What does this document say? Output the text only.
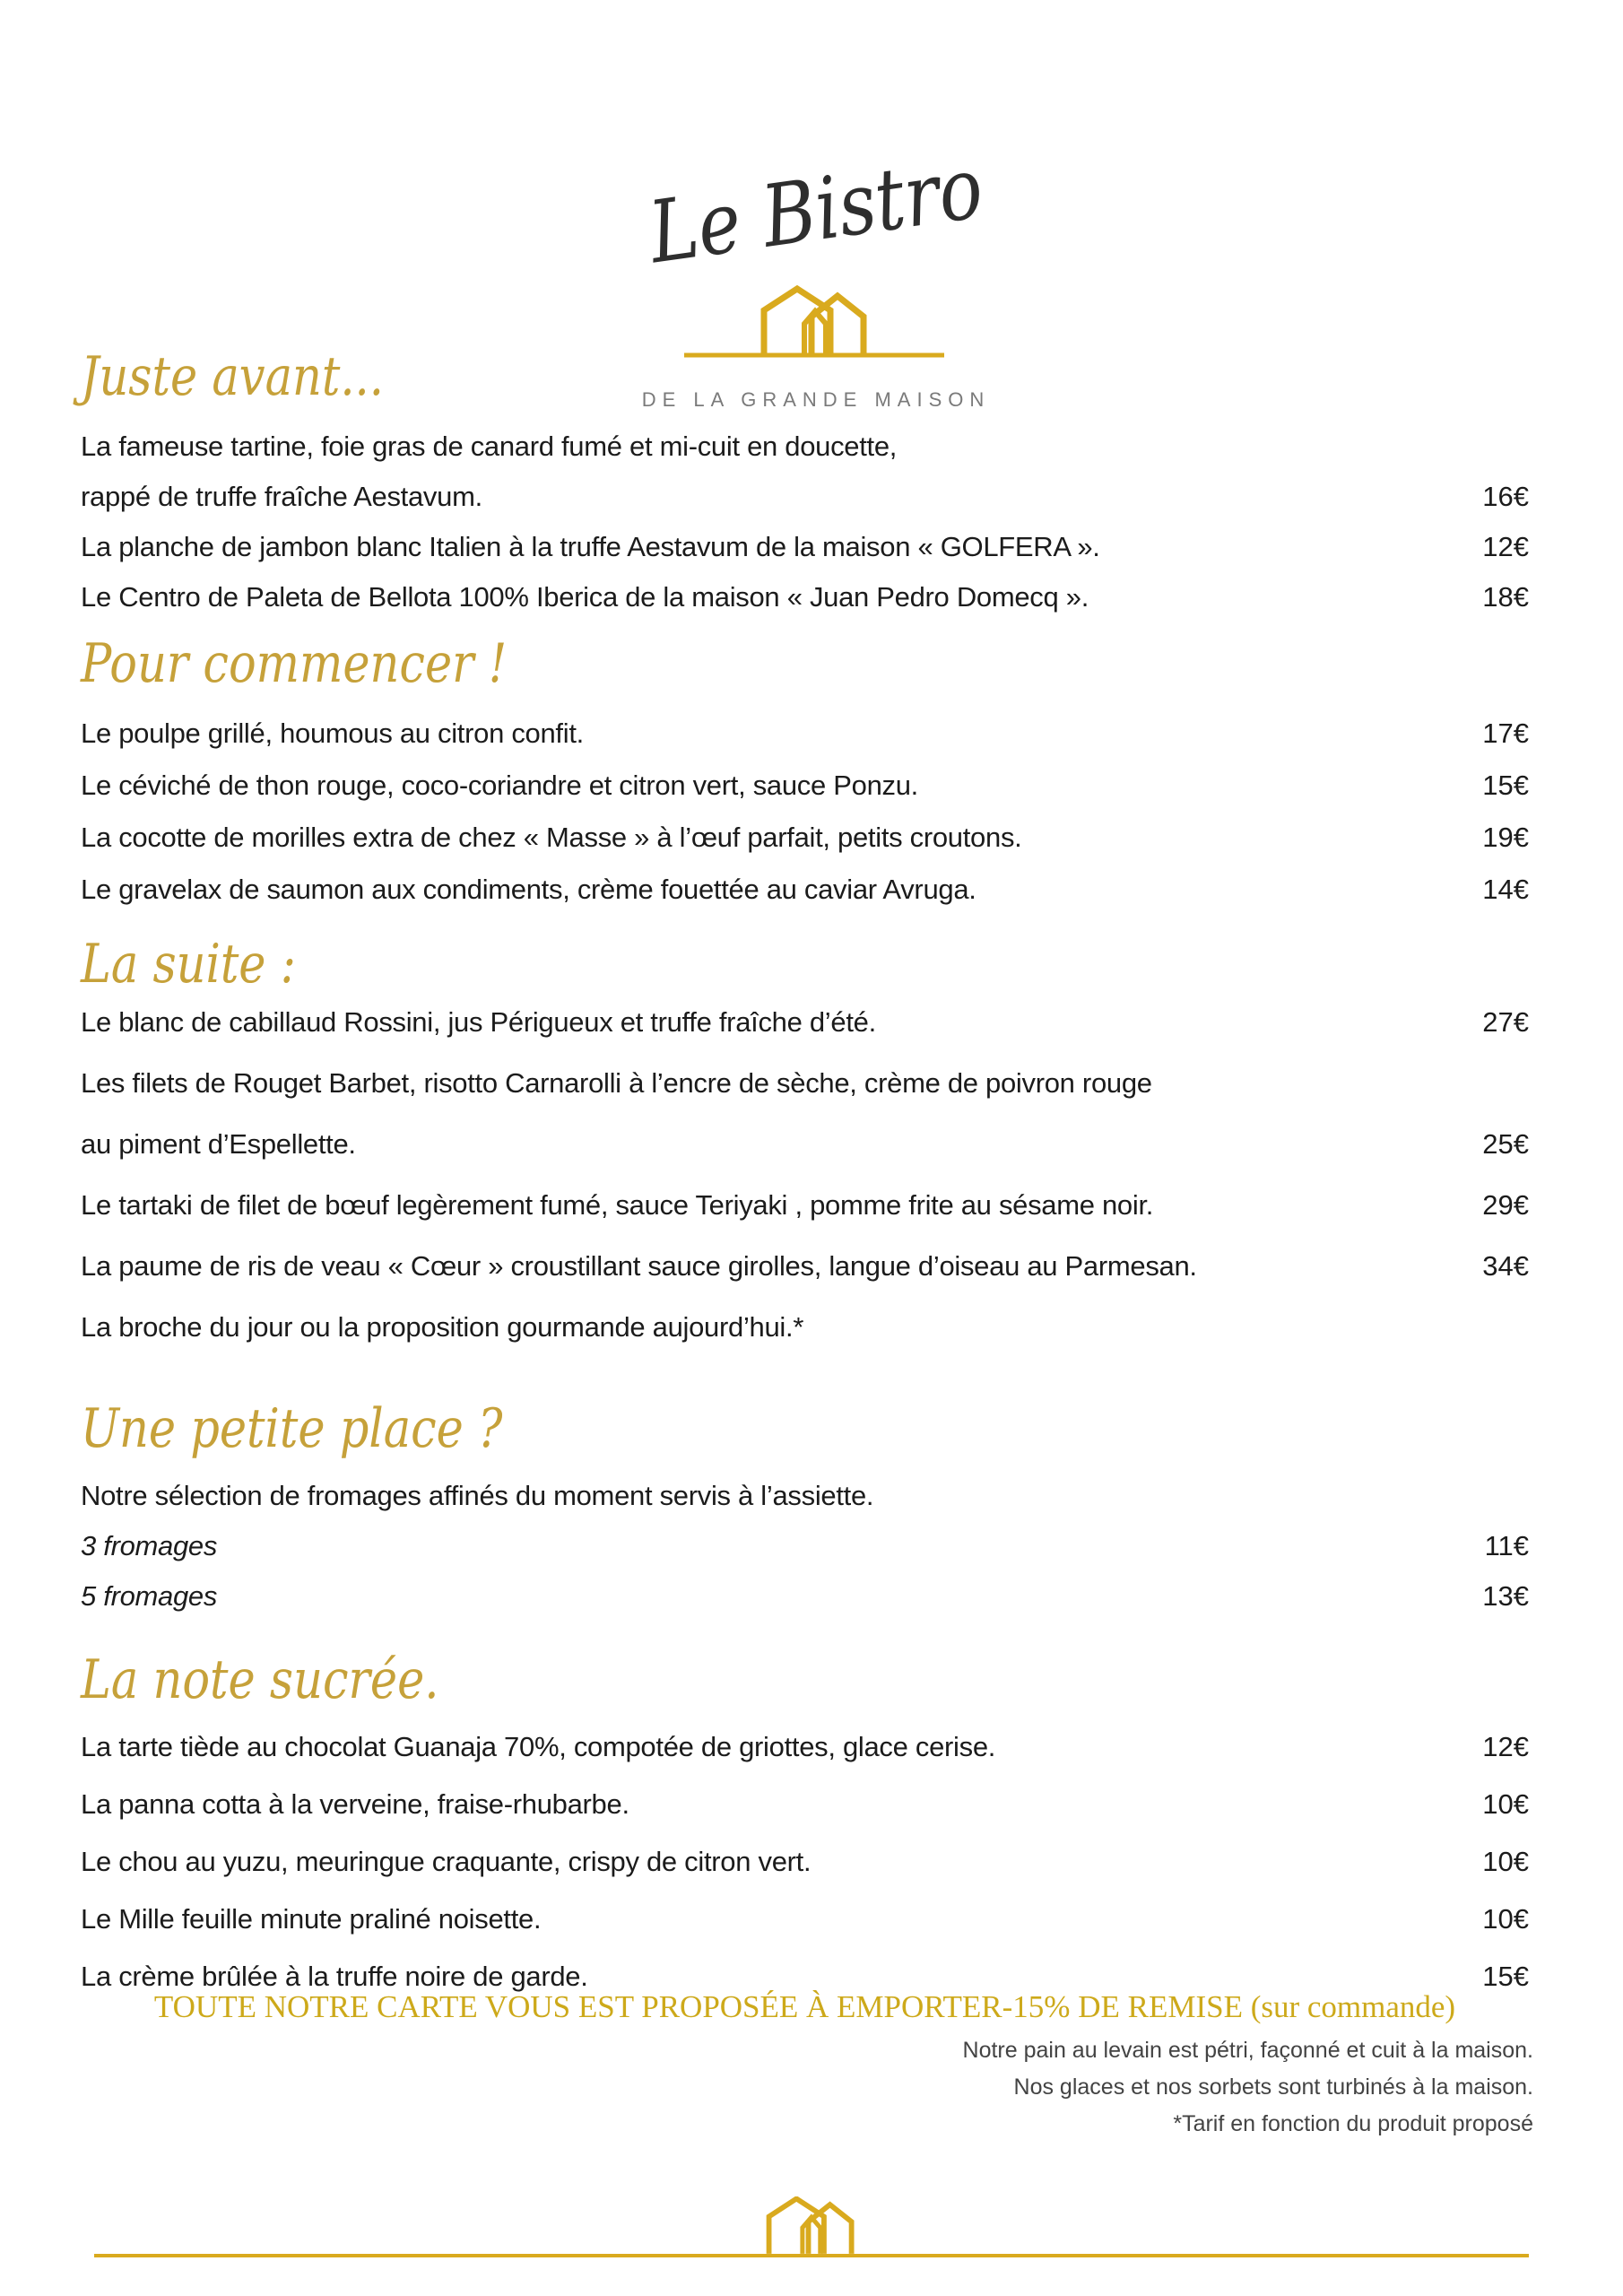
Le Bistro
DE LA GRANDE MAISON
Juste avant...
La fameuse tartine, foie gras de canard fumé et mi-cuit en doucette,
rappé de truffe fraîche Aestavum.	16€
La planche de jambon blanc Italien à la truffe Aestavum de la maison « GOLFERA ».	12€
Le Centro de Paleta de Bellota 100% Iberica de la maison « Juan Pedro Domecq ».	18€
Pour commencer !
Le poulpe grillé, houmous au citron confit.	17€
Le céviché de thon rouge, coco-coriandre et citron vert, sauce Ponzu.	15€
La cocotte de morilles extra de chez « Masse » à l’œuf parfait, petits croutons.	19€
Le gravelax de saumon aux condiments, crème fouettée au caviar Avruga.	14€
La suite :
Le blanc de cabillaud Rossini, jus Périgueux et truffe fraîche d’été.	27€
Les filets de Rouget Barbet, risotto Carnarolli à l’encre de sèche, crème de poivron rouge
au piment d’Espellette.	25€
Le tartaki de filet de bœuf legèrement fumé, sauce Teriyaki , pomme frite au sésame noir.	29€
La paume de ris de veau « Cœur » croustillant sauce girolles, langue d’oiseau au Parmesan.	34€
La broche du jour ou la proposition gourmande aujourd’hui.*
Une petite place ?
Notre sélection de fromages affinés du moment servis à l’assiette.
3 fromages	11€
5 fromages	13€
La note sucrée.
La tarte tiède au chocolat Guanaja 70%, compotée de griottes, glace cerise.	12€
La panna cotta à la verveine, fraise-rhubarbe.	10€
Le chou au yuzu, meuringue craquante, crispy de citron vert.	10€
Le Mille feuille minute praliné noisette.	10€
La crème brûlée à la truffe noire de garde.	15€
TOUTE NOTRE CARTE VOUS EST PROPOSÉE À EMPORTER-15% DE REMISE (sur commande)
Notre pain au levain est pétri, façonné et cuit à la maison.
Nos glaces et nos sorbets sont turbinés à la maison.
*Tarif en fonction du produit proposé
